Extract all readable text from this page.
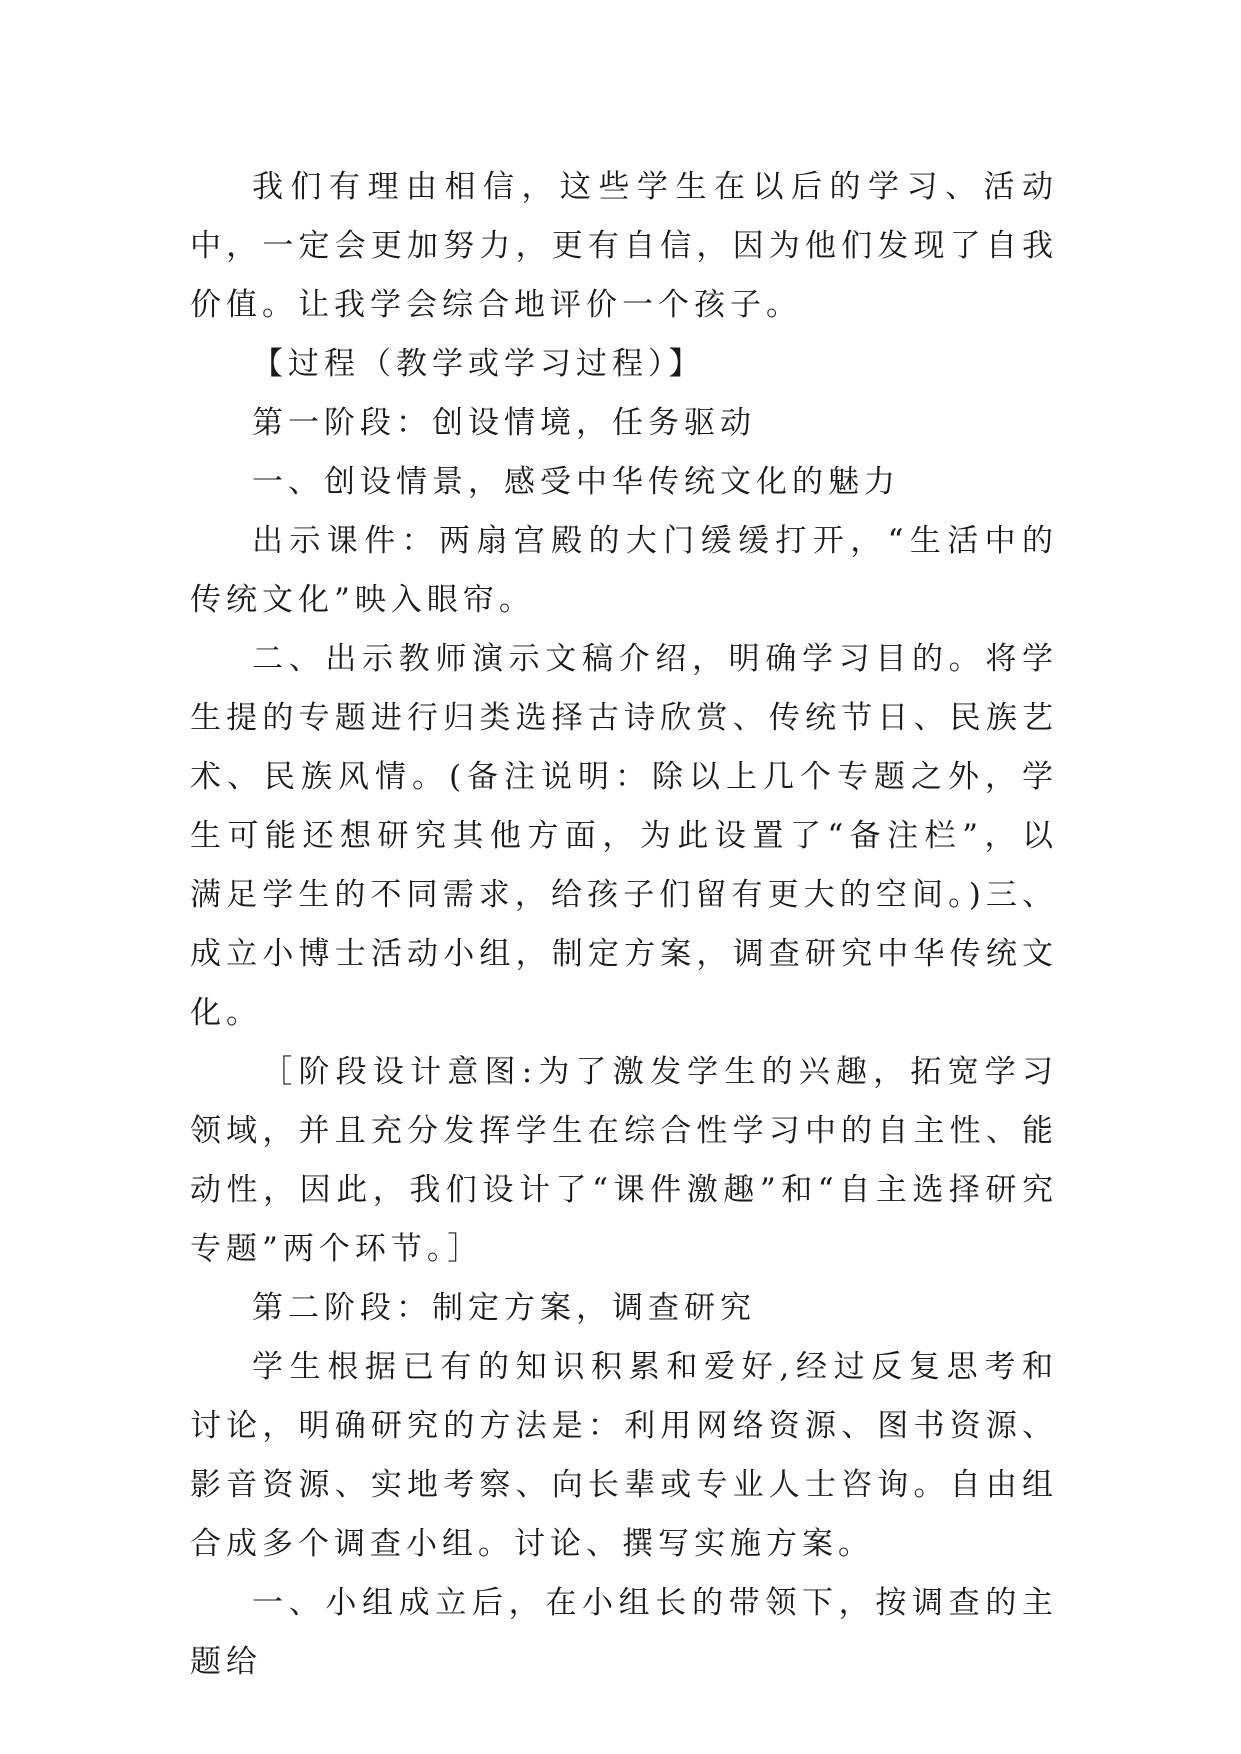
我们有理由相信，这些学生在以后的学习、活动中，一定会更加努力，更有自信，因为他们发现了自我价值。让我学会综合地评价一个孩子。

【过程（教学或学习过程）】

第一阶段：创设情境，任务驱动

一、创设情景，感受中华传统文化的魅力

出示课件：两扇宫殿的大门缓缓打开，“生活中的传统文化”映入眼帘。

二、出示教师演示文稿介绍，明确学习目的。将学生提的专题进行归类选择古诗欣赏、传统节日、民族艺术、民族风情。(备注说明：除以上几个专题之外，学生可能还想研究其他方面，为此设置了“备注栏”，以满足学生的不同需求，给孩子们留有更大的空间。)三、成立小博士活动小组，制定方案，调查研究中华传统文化。

［阶段设计意图:为了激发学生的兴趣，拓宽学习领域，并且充分发挥学生在综合性学习中的自主性、能动性，因此，我们设计了“课件激趣”和“自主选择研究专题”两个环节。］

第二阶段：制定方案，调查研究

学生根据已有的知识积累和爱好,经过反复思考和讨论，明确研究的方法是：利用网络资源、图书资源、影音资源、实地考察、向长辈或专业人士咨询。自由组合成多个调查小组。讨论、撰写实施方案。

一、小组成立后，在小组长的带领下，按调查的主题给
